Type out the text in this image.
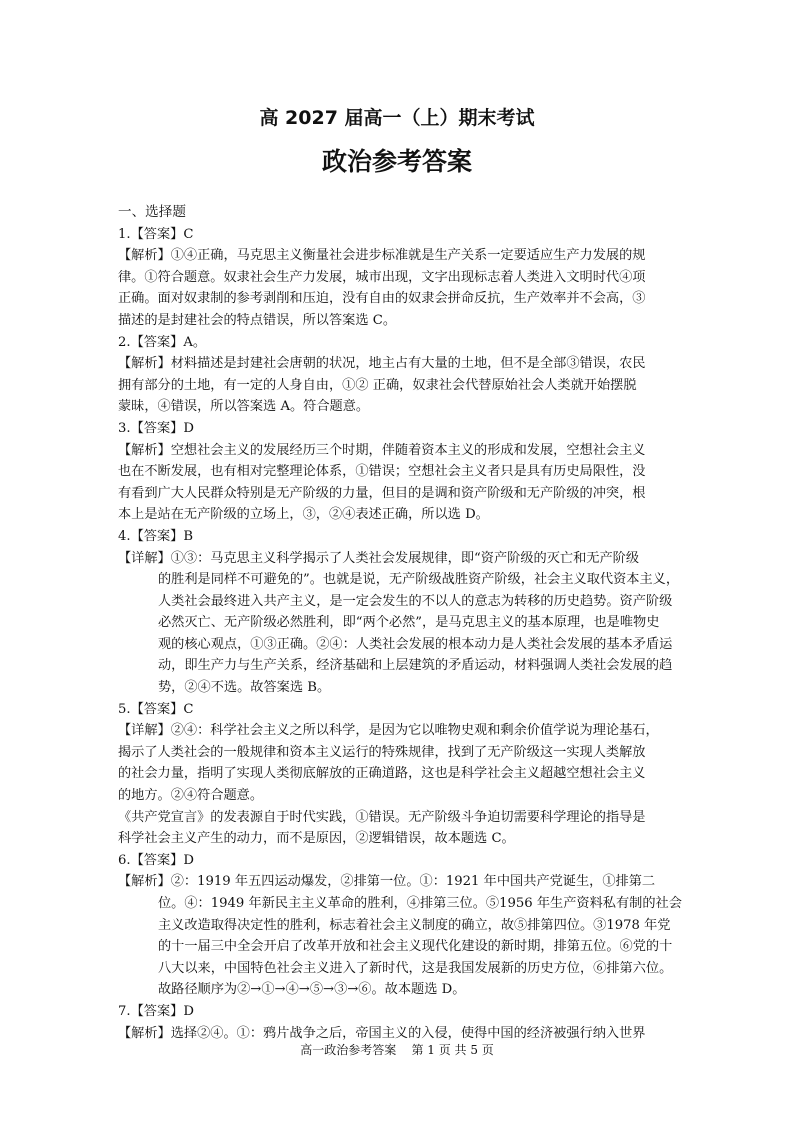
高 2027 届高一（上）期末考试
政治参考答案
一、选择题
1.【答案】C
【解析】①④正确，马克思主义衡量社会进步标准就是生产关系一定要适应生产力发展的规
律。①符合题意。奴隶社会生产力发展，城市出现，文字出现标志着人类进入文明时代④项
正确。面对奴隶制的参考剥削和压迫，没有自由的奴隶会拼命反抗，生产效率并不会高，③
描述的是封建社会的特点错误，所以答案选 C。
2.【答案】A。
【解析】材料描述是封建社会唐朝的状况，地主占有大量的土地，但不是全部③错误，农民
拥有部分的土地，有一定的人身自由，①② 正确，奴隶社会代替原始社会人类就开始摆脱
蒙昧，④错误，所以答案选 A。符合题意。
3.【答案】D
【解析】空想社会主义的发展经历三个时期，伴随着资本主义的形成和发展，空想社会主义
也在不断发展，也有相对完整理论体系，①错误；空想社会主义者只是具有历史局限性，没
有看到广大人民群众特别是无产阶级的力量，但目的是调和资产阶级和无产阶级的冲突，根
本上是站在无产阶级的立场上，③，②④表述正确，所以选 D。
4.【答案】B
【详解】①③：马克思主义科学揭示了人类社会发展规律，即“资产阶级的灭亡和无产阶级
的胜利是同样不可避免的”。也就是说，无产阶级战胜资产阶级，社会主义取代资本主义，
人类社会最终进入共产主义，是一定会发生的不以人的意志为转移的历史趋势。资产阶级
必然灭亡、无产阶级必然胜利，即“两个必然”，是马克思主义的基本原理，也是唯物史
观的核心观点，①③正确。②④：人类社会发展的根本动力是人类社会发展的基本矛盾运
动，即生产力与生产关系，经济基础和上层建筑的矛盾运动，材料强调人类社会发展的趋
势，②④不选。故答案选 B。
5.【答案】C
【详解】②④：科学社会主义之所以科学，是因为它以唯物史观和剩余价值学说为理论基石，
揭示了人类社会的一般规律和资本主义运行的特殊规律，找到了无产阶级这一实现人类解放
的社会力量，指明了实现人类彻底解放的正确道路，这也是科学社会主义超越空想社会主义
的地方。②④符合题意。
《共产党宣言》的发表源自于时代实践，①错误。无产阶级斗争迫切需要科学理论的指导是
科学社会主义产生的动力，而不是原因，②逻辑错误，故本题选 C。
6.【答案】D
【解析】②：1919 年五四运动爆发，②排第一位。①：1921 年中国共产党诞生，①排第二
位。④：1949 年新民主主义革命的胜利，④排第三位。⑤1956 年生产资料私有制的社会
主义改造取得决定性的胜利，标志着社会主义制度的确立，故⑤排第四位。③1978 年党
的十一届三中全会开启了改革开放和社会主义现代化建设的新时期，排第五位。⑥党的十
八大以来，中国特色社会主义进入了新时代，这是我国发展新的历史方位，⑥排第六位。
故路径顺序为②→①→④→⑤→③→⑥。故本题选 D。
7.【答案】D
【解析】选择②④。①：鸦片战争之后，帝国主义的入侵，使得中国的经济被强行纳入世界
高一政治参考答案    第 1 页 共 5 页
